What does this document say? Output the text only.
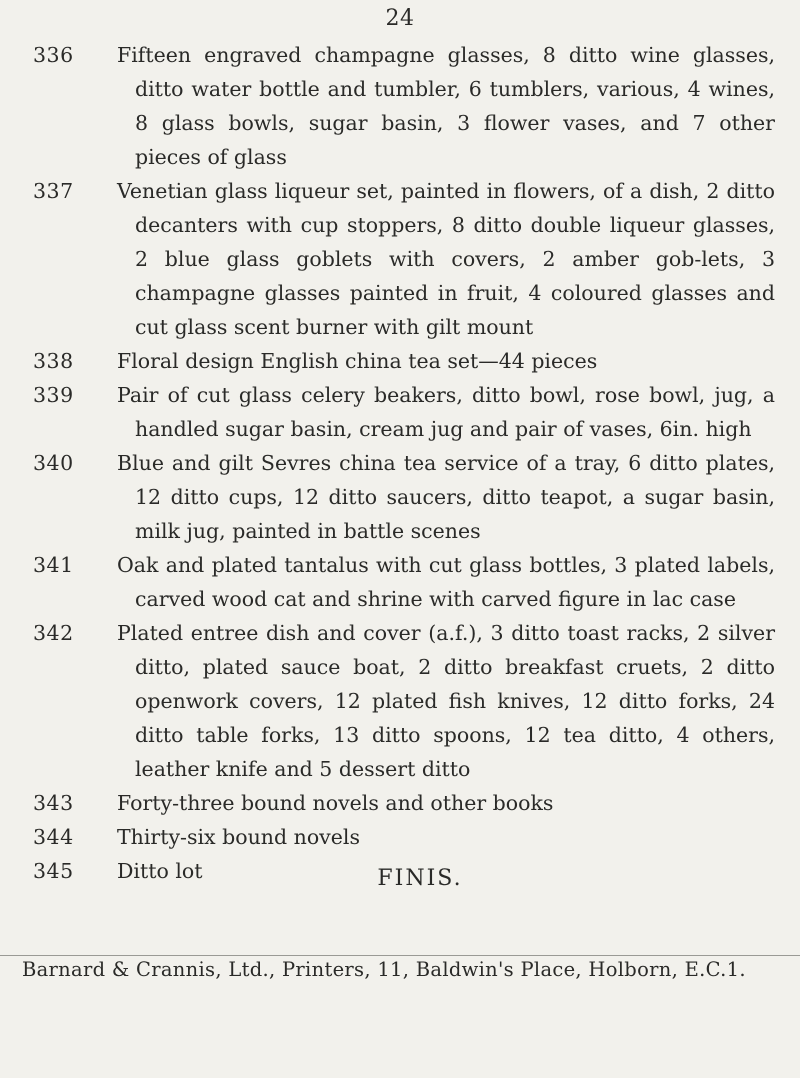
24
336	Fifteen engraved champagne glasses, 8 ditto wine glasses, ditto water bottle and tumbler, 6 tumblers, various, 4 wines, 8 glass bowls, sugar basin, 3 flower vases, and 7 other pieces of glass
337	Venetian glass liqueur set, painted in flowers, of a dish, 2 ditto decanters with cup stoppers, 8 ditto double liqueur glasses, 2 blue glass goblets with covers, 2 amber gob-lets, 3 champagne glasses painted in fruit, 4 coloured glasses and cut glass scent burner with gilt mount
338	Floral design English china tea set—44 pieces
339	Pair of cut glass celery beakers, ditto bowl, rose bowl, jug, a handled sugar basin, cream jug and pair of vases, 6in. high
340	Blue and gilt Sevres china tea service of a tray, 6 ditto plates, 12 ditto cups, 12 ditto saucers, ditto teapot, a sugar basin, milk jug, painted in battle scenes
341	Oak and plated tantalus with cut glass bottles, 3 plated labels, carved wood cat and shrine with carved figure in lac case
342	Plated entree dish and cover (a.f.), 3 ditto toast racks, 2 silver ditto, plated sauce boat, 2 ditto breakfast cruets, 2 ditto openwork covers, 12 plated fish knives, 12 ditto forks, 24 ditto table forks, 13 ditto spoons, 12 tea ditto, 4 others, leather knife and 5 dessert ditto
343	Forty-three bound novels and other books
344	Thirty-six bound novels
345	Ditto lot	FINIS.
Barnard & Crannis, Ltd., Printers, 11, Baldwin's Place, Holborn, E.C.1.
